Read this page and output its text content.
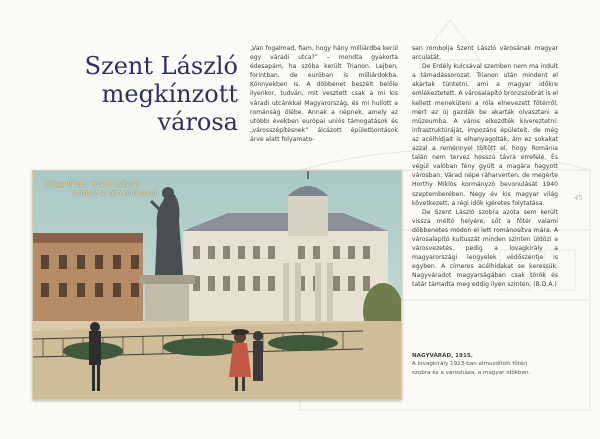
Szent László
megkínzott
városa

„Van fogalmad, fiam, hogy hány milliárdba kerül egy váradi utca?” – mondta gyakorta édesapám, ha szóba került Trianon. Lejben, forintban, de euróban is milliárdokba. Könnyekben is. A döbbenet beszélt belőle ilyenkor, tudván, mit vesztett csak a mi kis váradi utcánkkal Magyarország, és mi hullott a románság ölébe. Annak a népnek, amely az utóbbi években európai uniós támogatások és „városszépítésnek” álcázott épületbontások árve alatt folyamato-

san rombolja Szent László városának magyar arculatát.

De Erdély kulcsával szemben nem ma indult a támadássorozat. Trianon után mindent el akartak tüntetni, ami a magyar időkre emlékeztetett. A városalapító bronzszobrát is el kellett meneküteni a róla elnevezett főtérről, mert az új gazdák be akarták olvasztani a múzeumba. A város elkezdték kivereztetni: infrastruktúráját, impozáns épületeit, de még az acélhídjait is elhanyagolták, ám ez sokakat azzal a reménnyel töltött el, hogy Románia talán nem tervez hosszú távra errefelé. És végül valóban fény gyúlt a magára hagyott városban: Várad népe ráharverten, de megérte Horthy Miklós kormányzó bevonulását 1940 szeptemberében. Negy év kis magyar világ következett, a régi idők igéretes folytatása.

De Szent László szobra azóta sem került vissza méltó helyére, sőt a főtér valami döbbenetes módon el lett románosítva mára. A városalapító kultuszát minden szinten üldözi a városvezetés, pedig a lovagkirály a magyarországi lengyelek védőszentje is egyben. A címeres acélhídakat se keressük. Nagyváradot magyarságában csak török és tatár támadta meg eddig ilyen szinten. (B.D.A.)

45
Nagyvárad. Szent László
szobor a városházával.
NAGYVÁRAD, 1915.
A lovagkirály 1923-ban elmozdított főtéri szobra és a városháza, a magyar időkben.
